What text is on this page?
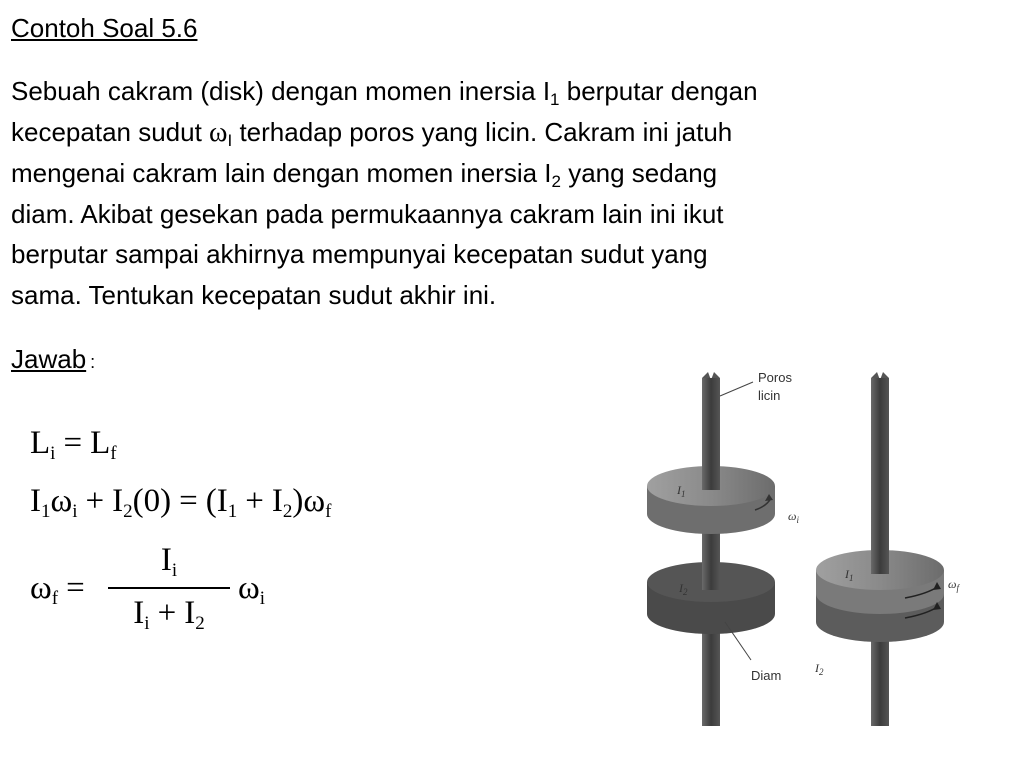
Contoh Soal 5.6

Sebuah cakram (disk) dengan momen inersia $I_1$ berputar dengan

kecepatan sudut $\omega_I$ terhadap poros yang licin. Cakram ini jatuh

mengenai cakram lain dengan momen inersia $I_2$ yang sedang

diam. Akibat gesekan pada permukaannya cakram lain ini ikut

berputar sampai akhirnya mempunyai kecepatan sudut yang

sama. Tentukan kecepatan sudut akhir ini.

Jawab :
$L_i = L_f$
$I_1\omega_i + I_2(0) = (I_1 + I_2)\omega_f$
$\omega_f$ =
$I_i$
$I_i + I_2$
$\omega_i$
Poros
licin
Diam
$I_1$
$I_2$
$\omega_i$
$I_1$	$\omega_f$
$I_2$
